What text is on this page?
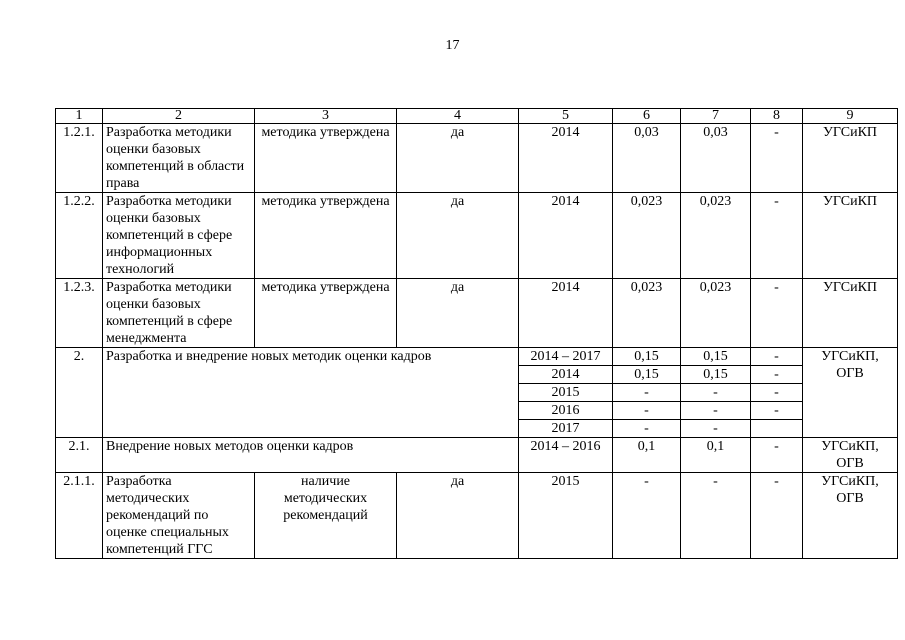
17
1	2	3	4	5	6	7	8	9
1.2.1.	Разработка методики оценки базовых компетенций в области права	методика утверждена	да	2014	0,03	0,03	-	УГСиКП
1.2.2.	Разработка методики оценки базовых компетенций в сфере информационных технологий	методика утверждена	да	2014	0,023	0,023	-	УГСиКП
1.2.3.	Разработка методики оценки базовых компетенций в сфере менеджмента	методика утверждена	да	2014	0,023	0,023	-	УГСиКП
2.	Разработка и внедрение новых методик оценки кадров			2014 – 2017	0,15	0,15	-	УГСиКП, ОГВ
				2014	0,15	0,15	-	
				2015	-	-	-	
				2016	-	-	-	
				2017	-	-		
2.1.	Внедрение новых методов оценки кадров			2014 – 2016	0,1	0,1	-	УГСиКП, ОГВ
2.1.1.	Разработка методических рекомендаций по оценке специальных компетенций ГГС	наличие методических рекомендаций	да	2015	-	-	-	УГСиКП, ОГВ
